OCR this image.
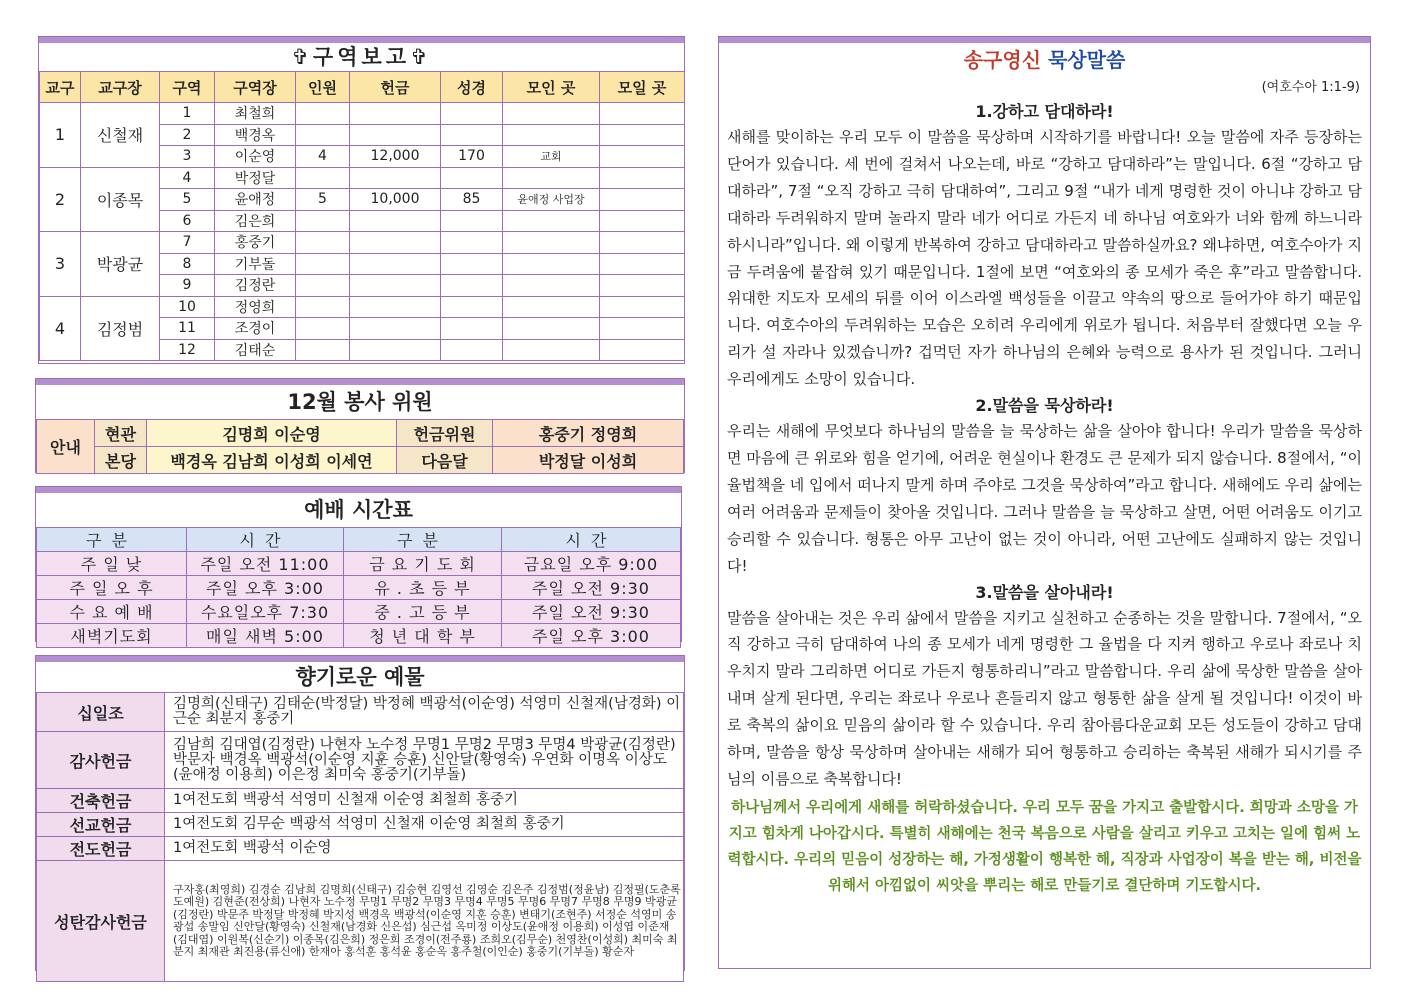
✞구역보고✞
교구	교구장	구역	구역장	인원	헌금	성경	모인 곳	모일 곳
1	신철재	1	최철희					
		2	백경옥					
		3	이순영	4	12,000	170	교회	
2	이종목	4	박정달					
		5	윤애정	5	10,000	85	윤애정 사업장	
		6	김은희					
3	박광균	7	홍중기					
		8	기부돌					
		9	김정란					
4	김정범	10	정영희					
		11	조경이					
		12	김태순					
12월 봉사 위원
안내	현관	김명희 이순영	헌금위원	홍중기 정영희
	본당	백경옥 김남희 이성희 이세연	다음달	박정달 이성희
예배 시간표
구분	시간	구분	시간
주 일 낮	주일 오전 11:00	금 요 기 도 회	금요일 오후 9:00
주 일 오 후	주일 오후 3:00	유 . 초 등 부	주일 오전 9:30
수 요 예 배	수요일오후 7:30	중 . 고 등 부	주일 오전 9:30
새벽기도회	매일 새벽 5:00	청 년 대 학 부	주일 오후 3:00
향기로운 예물
십일조	김명희(신태구) 김태순(박정달) 박정혜 백광석(이순영) 석영미 신철재(남경화) 이근순 최분지 홍중기
감사헌금	김남희 김대엽(김정란) 나현자 노수정 무명1 무명2 무명3 무명4 박광균(김정란) 박문자 백경옥 백광석(이순영 지훈 승훈) 신안달(황영숙) 우연화 이명옥 이상도(윤애정 이용희) 이은정 최미숙 홍중기(기부돌)
건축헌금	1여전도회 백광석 석영미 신철재 이순영 최철희 홍중기
선교헌금	1여전도회 김무순 백광석 석영미 신철재 이순영 최철희 홍중기
전도헌금	1여전도회 백광석 이순영
성탄감사헌금	구자홍(최영희) 김경순 김남희 김명희(신태구) 김승현 김영선 김영순 김은주 김정범(정윤남) 김정필(도춘록 도예원) 김현준(전상희) 나현자 노수정 무명1 무명2 무명3 무명4 무명5 무명6 무명7 무명8 무명9 박광균(김정란) 박문주 박정달 박정혜 박지성 백경옥 백광석(이순영 지훈 승훈) 변태기(조현주) 서정순 석영미 송광섭 송말임 신안달(황영숙) 신철재(남경화 신은섭) 심근섭 옥미정 이상도(윤애정 이용희) 이성엽 이준재(김대엽) 이원복(신순기) 이종목(김은희) 정은희 조경이(전주룡) 조희오(김무순) 천영찬(이성희) 최미숙 최분지 최재관 최진용(류신애) 한재아 홍석훈 홍석윤 홍순옥 홍주철(이인순) 홍중기(기부돌) 황순자
송구영신 묵상말씀
(여호수아 1:1-9)
1.강하고 담대하라!

새해를 맞이하는 우리 모두 이 말씀을 묵상하며 시작하기를 바랍니다! 오늘 말씀에 자주 등장하는 단어가 있습니다. 세 번에 걸쳐서 나오는데, 바로 “강하고 담대하라”는 말입니다. 6절 “강하고 담대하라”, 7절 “오직 강하고 극히 담대하여”, 그리고 9절 “내가 네게 명령한 것이 아니냐 강하고 담대하라 두려워하지 말며 놀라지 말라 네가 어디로 가든지 네 하나님 여호와가 너와 함께 하느니라 하시니라”입니다. 왜 이렇게 반복하여 강하고 담대하라고 말씀하실까요? 왜냐하면, 여호수아가 지금 두려움에 붙잡혀 있기 때문입니다. 1절에 보면 “여호와의 종 모세가 죽은 후”라고 말씀합니다. 위대한 지도자 모세의 뒤를 이어 이스라엘 백성들을 이끌고 약속의 땅으로 들어가야 하기 때문입니다. 여호수아의 두려워하는 모습은 오히려 우리에게 위로가 됩니다. 처음부터 잘했다면 오늘 우리가 설 자라나 있겠습니까? 겁먹던 자가 하나님의 은혜와 능력으로 용사가 된 것입니다. 그러니 우리에게도 소망이 있습니다.

2.말씀을 묵상하라!

우리는 새해에 무엇보다 하나님의 말씀을 늘 묵상하는 삶을 살아야 합니다! 우리가 말씀을 묵상하면 마음에 큰 위로와 힘을 얻기에, 어려운 현실이나 환경도 큰 문제가 되지 않습니다. 8절에서, “이 율법책을 네 입에서 떠나지 말게 하며 주야로 그것을 묵상하여”라고 합니다. 새해에도 우리 삶에는 여러 어려움과 문제들이 찾아올 것입니다. 그러나 말씀을 늘 묵상하고 살면, 어떤 어려움도 이기고 승리할 수 있습니다. 형통은 아무 고난이 없는 것이 아니라, 어떤 고난에도 실패하지 않는 것입니다!

3.말씀을 살아내라!

말씀을 살아내는 것은 우리 삶에서 말씀을 지키고 실천하고 순종하는 것을 말합니다. 7절에서, “오직 강하고 극히 담대하여 나의 종 모세가 네게 명령한 그 율법을 다 지켜 행하고 우로나 좌로나 치우치지 말라 그리하면 어디로 가든지 형통하리니”라고 말씀합니다. 우리 삶에 묵상한 말씀을 살아내며 살게 된다면, 우리는 좌로나 우로나 흔들리지 않고 형통한 삶을 살게 될 것입니다! 이것이 바로 축복의 삶이요 믿음의 삶이라 할 수 있습니다. 우리 참아름다운교회 모든 성도들이 강하고 담대하며, 말씀을 항상 묵상하며 살아내는 새해가 되어 형통하고 승리하는 축복된 새해가 되시기를 주님의 이름으로 축복합니다!

하나님께서 우리에게 새해를 허락하셨습니다. 우리 모두 꿈을 가지고 출발합시다. 희망과 소망을 가지고 힘차게 나아갑시다. 특별히 새해에는 천국 복음으로 사람을 살리고 키우고 고치는 일에 힘써 노력합시다. 우리의 믿음이 성장하는 해, 가정생활이 행복한 해, 직장과 사업장이 복을 받는 해, 비전을 위해서 아낌없이 씨앗을 뿌리는 해로 만들기로 결단하며 기도합시다.
